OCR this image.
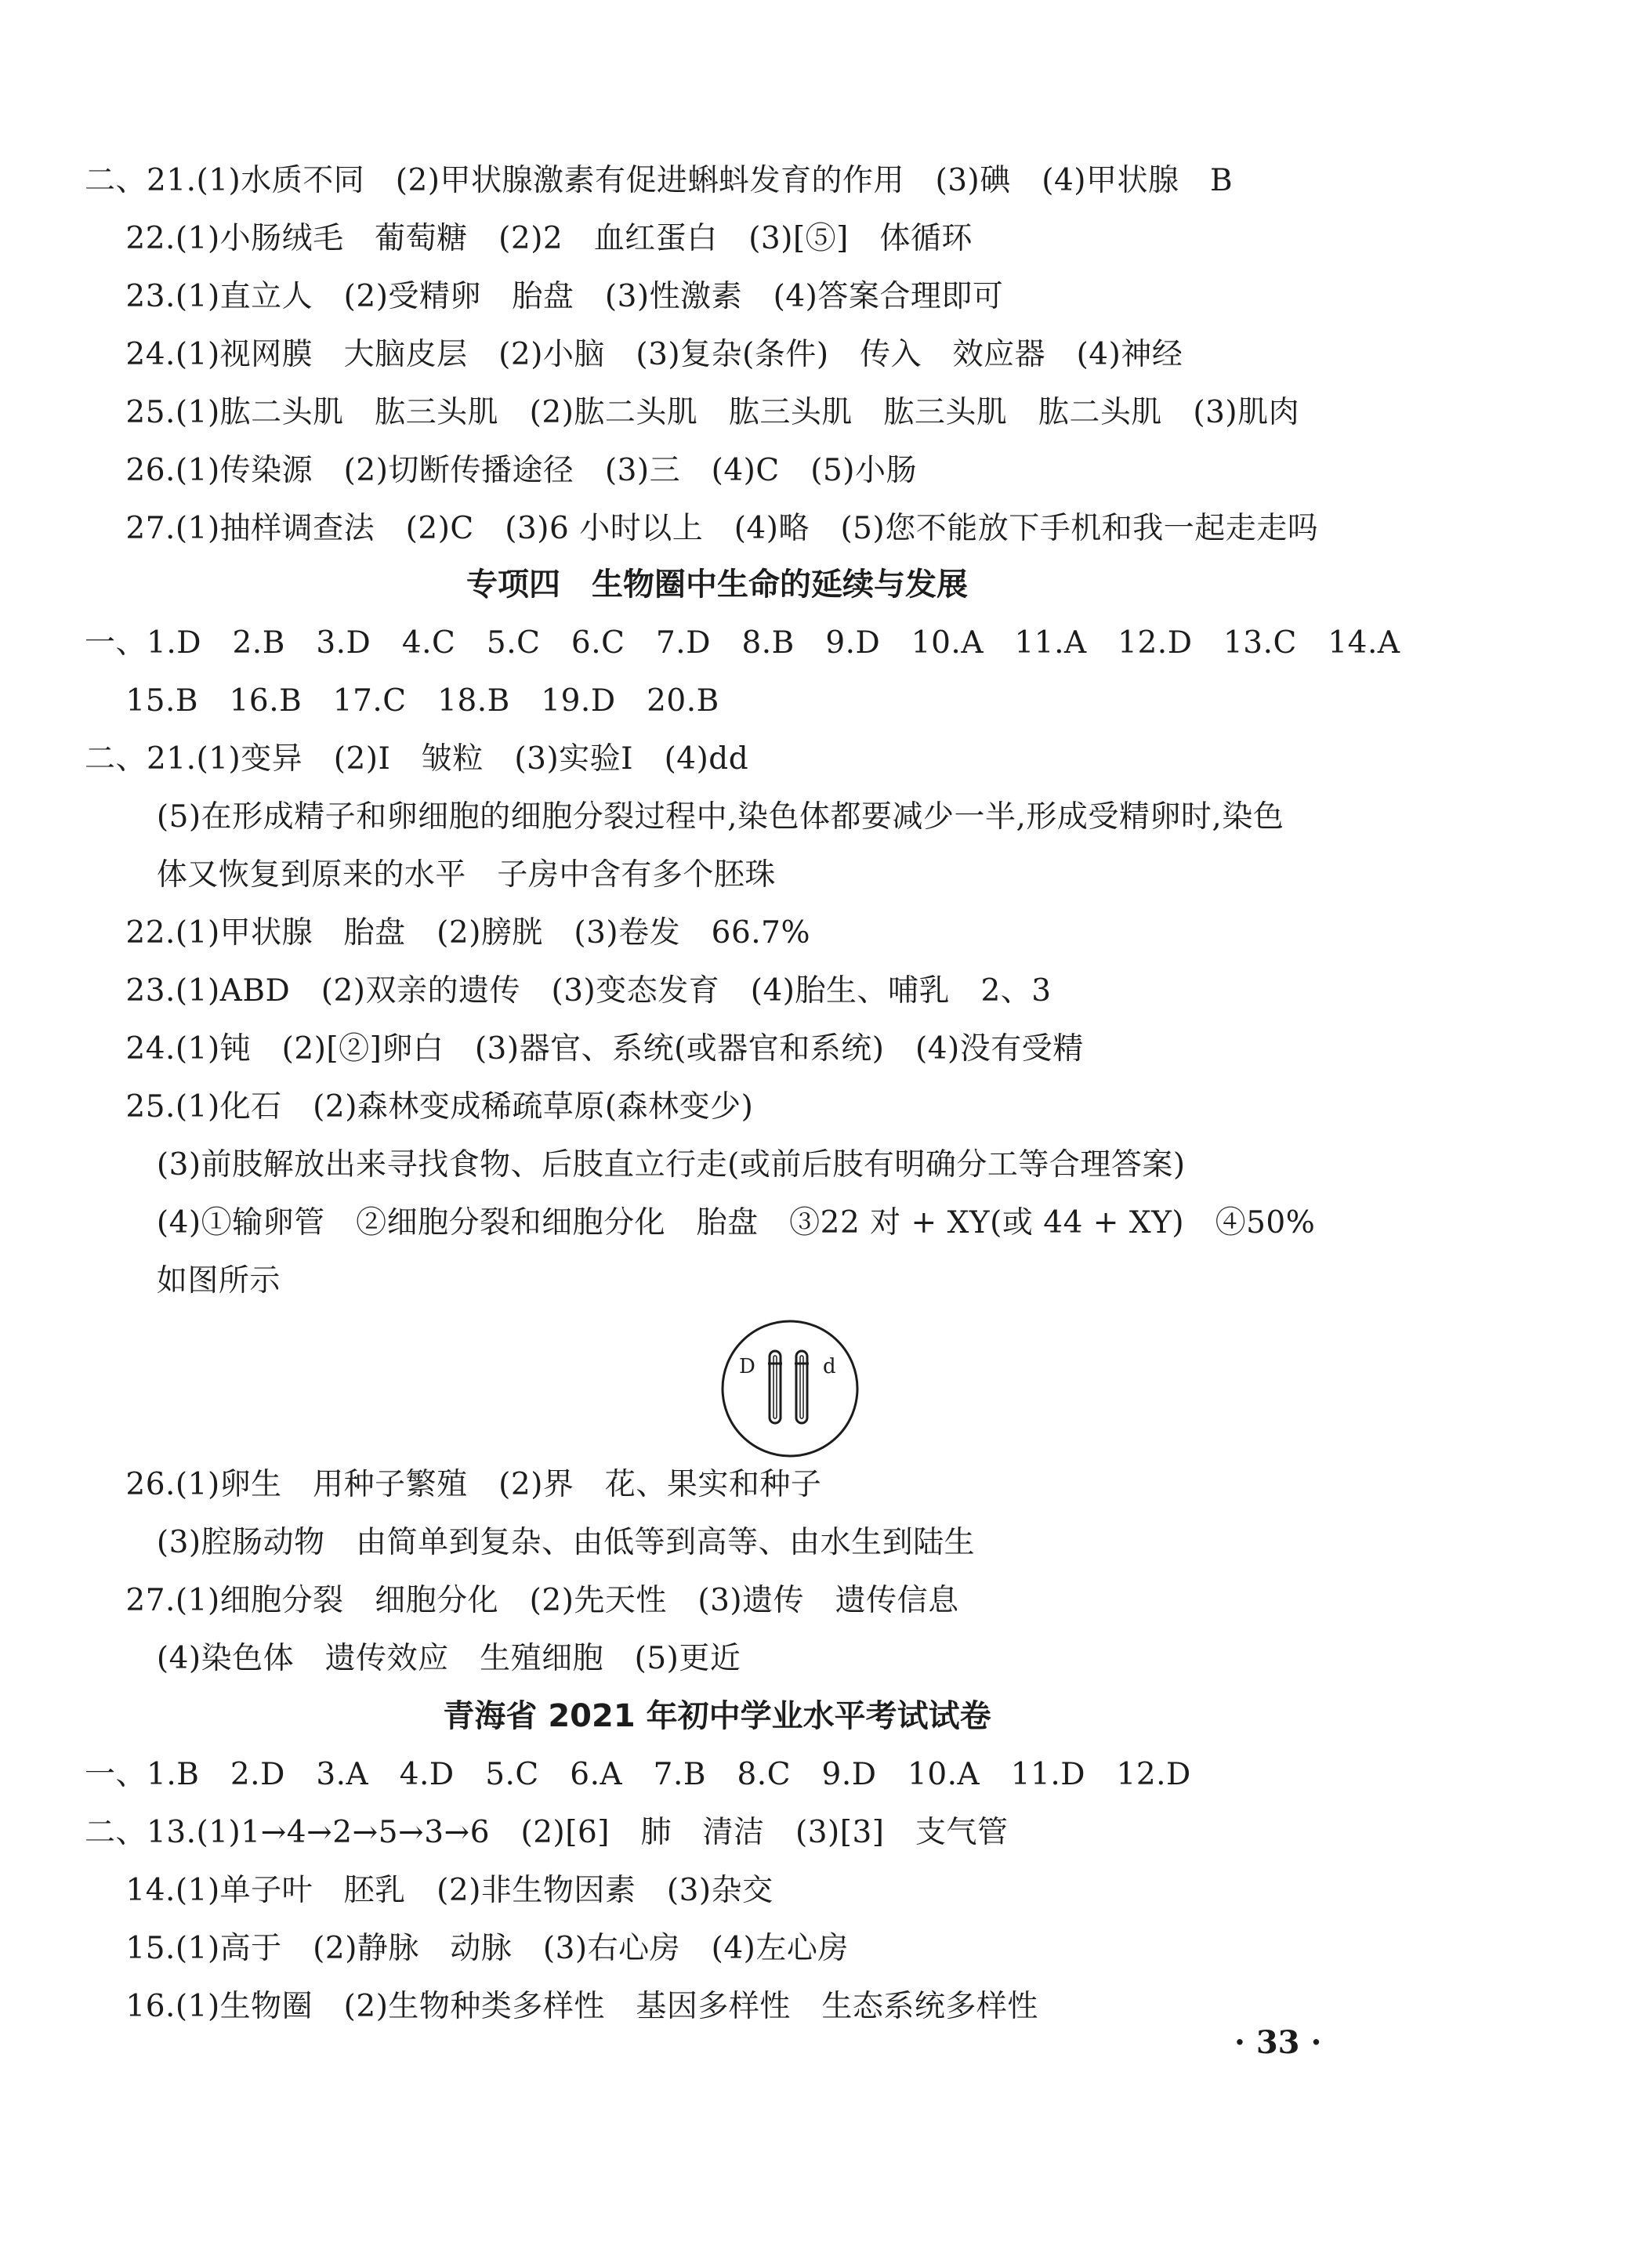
二、21.(1)水质不同　(2)甲状腺激素有促进蝌蚪发育的作用　(3)碘　(4)甲状腺　B
　 22.(1)小肠绒毛　葡萄糖　(2)2　血红蛋白　(3)[⑤]　体循环
　 23.(1)直立人　(2)受精卵　胎盘　(3)性激素　(4)答案合理即可
　 24.(1)视网膜　大脑皮层　(2)小脑　(3)复杂(条件)　传入　效应器　(4)神经
　 25.(1)肱二头肌　肱三头肌　(2)肱二头肌　肱三头肌　肱三头肌　肱二头肌　(3)肌肉
　 26.(1)传染源　(2)切断传播途径　(3)三　(4)C　(5)小肠
　 27.(1)抽样调查法　(2)C　(3)6 小时以上　(4)略　(5)您不能放下手机和我一起走走吗
专项四　生物圈中生命的延续与发展
一、1.D　2.B　3.D　4.C　5.C　6.C　7.D　8.B　9.D　10.A　11.A　12.D　13.C　14.A
　 15.B　16.B　17.C　18.B　19.D　20.B
二、21.(1)变异　(2)Ⅰ　皱粒　(3)实验Ⅰ　(4)dd
　　 (5)在形成精子和卵细胞的细胞分裂过程中,染色体都要减少一半,形成受精卵时,染色
　　 体又恢复到原来的水平　子房中含有多个胚珠
　 22.(1)甲状腺　胎盘　(2)膀胱　(3)卷发　66.7%
　 23.(1)ABD　(2)双亲的遗传　(3)变态发育　(4)胎生、哺乳　2、3
　 24.(1)钝　(2)[②]卵白　(3)器官、系统(或器官和系统)　(4)没有受精
　 25.(1)化石　(2)森林变成稀疏草原(森林变少)
　　 (3)前肢解放出来寻找食物、后肢直立行走(或前后肢有明确分工等合理答案)
　　 (4)①输卵管　②细胞分裂和细胞分化　胎盘　③22 对 + XY(或 44 + XY)　④50%
　　 如图所示
D	d
　 26.(1)卵生　用种子繁殖　(2)界　花、果实和种子
　　 (3)腔肠动物　由简单到复杂、由低等到高等、由水生到陆生
　 27.(1)细胞分裂　细胞分化　(2)先天性　(3)遗传　遗传信息
　　 (4)染色体　遗传效应　生殖细胞　(5)更近
青海省 2021 年初中学业水平考试试卷
一、1.B　2.D　3.A　4.D　5.C　6.A　7.B　8.C　9.D　10.A　11.D　12.D
二、13.(1)1→4→2→5→3→6　(2)[6]　肺　清洁　(3)[3]　支气管
　 14.(1)单子叶　胚乳　(2)非生物因素　(3)杂交
　 15.(1)高于　(2)静脉　动脉　(3)右心房　(4)左心房
　 16.(1)生物圈　(2)生物种类多样性　基因多样性　生态系统多样性
· 33 ·
